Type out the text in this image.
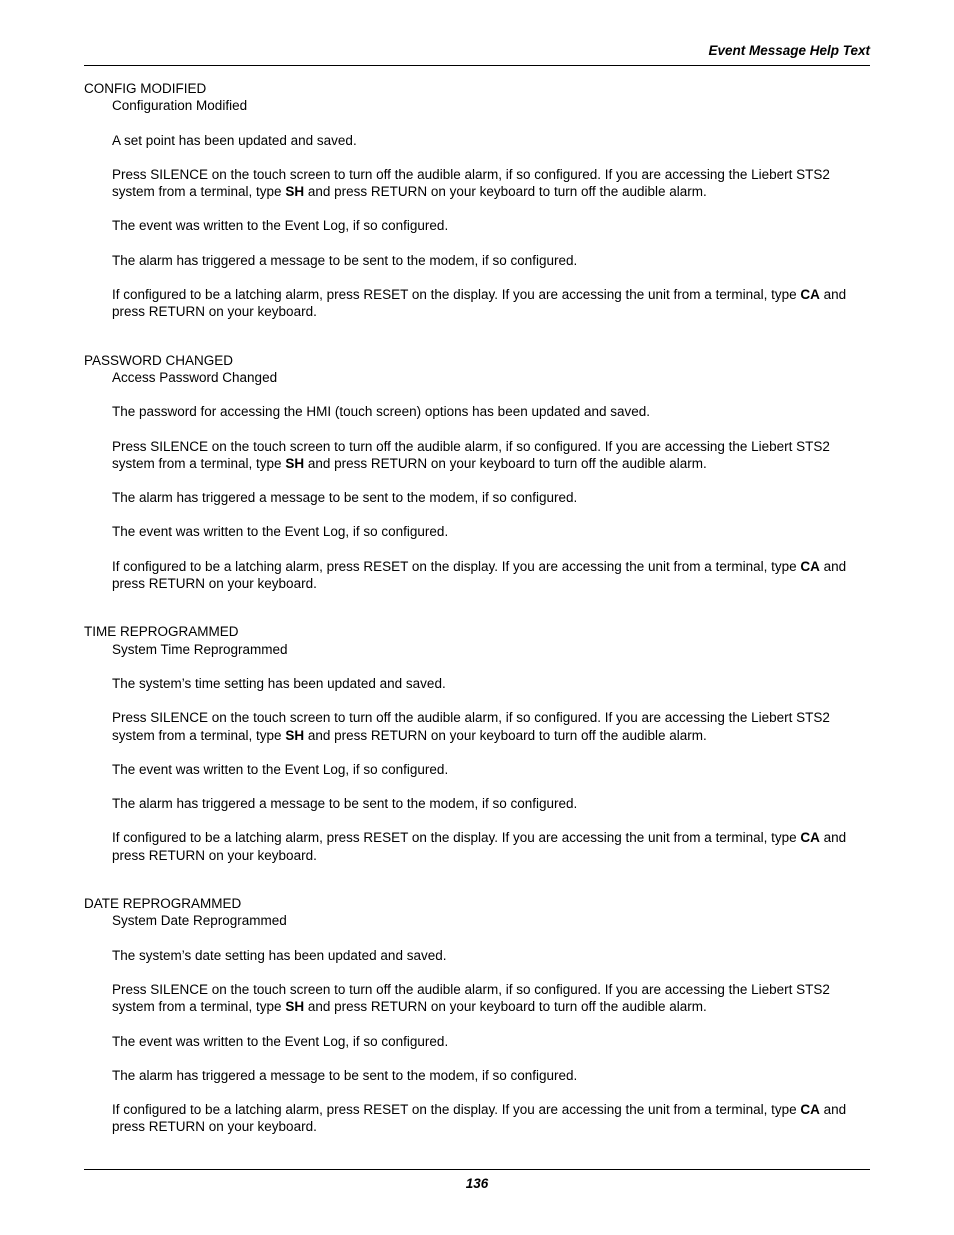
Event Message Help Text

CONFIG MODIFIED

Configuration Modified

A set point has been updated and saved.

Press SILENCE on the touch screen to turn off the audible alarm, if so configured. If you are accessing the Liebert STS2 system from a terminal, type SH and press RETURN on your keyboard to turn off the audible alarm.

The event was written to the Event Log, if so configured.

The alarm has triggered a message to be sent to the modem, if so configured.

If configured to be a latching alarm, press RESET on the display. If you are accessing the unit from a terminal, type CA and press RETURN on your keyboard.

PASSWORD CHANGED

Access Password Changed

The password for accessing the HMI (touch screen) options has been updated and saved.

Press SILENCE on the touch screen to turn off the audible alarm, if so configured. If you are accessing the Liebert STS2 system from a terminal, type SH and press RETURN on your keyboard to turn off the audible alarm.

The alarm has triggered a message to be sent to the modem, if so configured.

The event was written to the Event Log, if so configured.

If configured to be a latching alarm, press RESET on the display. If you are accessing the unit from a terminal, type CA and press RETURN on your keyboard.

TIME REPROGRAMMED

System Time Reprogrammed

The system’s time setting has been updated and saved.

Press SILENCE on the touch screen to turn off the audible alarm, if so configured. If you are accessing the Liebert STS2 system from a terminal, type SH and press RETURN on your keyboard to turn off the audible alarm.

The event was written to the Event Log, if so configured.

The alarm has triggered a message to be sent to the modem, if so configured.

If configured to be a latching alarm, press RESET on the display. If you are accessing the unit from a terminal, type CA and press RETURN on your keyboard.

DATE REPROGRAMMED

System Date Reprogrammed

The system’s date setting has been updated and saved.

Press SILENCE on the touch screen to turn off the audible alarm, if so configured. If you are accessing the Liebert STS2 system from a terminal, type SH and press RETURN on your keyboard to turn off the audible alarm.

The event was written to the Event Log, if so configured.

The alarm has triggered a message to be sent to the modem, if so configured.

If configured to be a latching alarm, press RESET on the display. If you are accessing the unit from a terminal, type CA and press RETURN on your keyboard.

136
